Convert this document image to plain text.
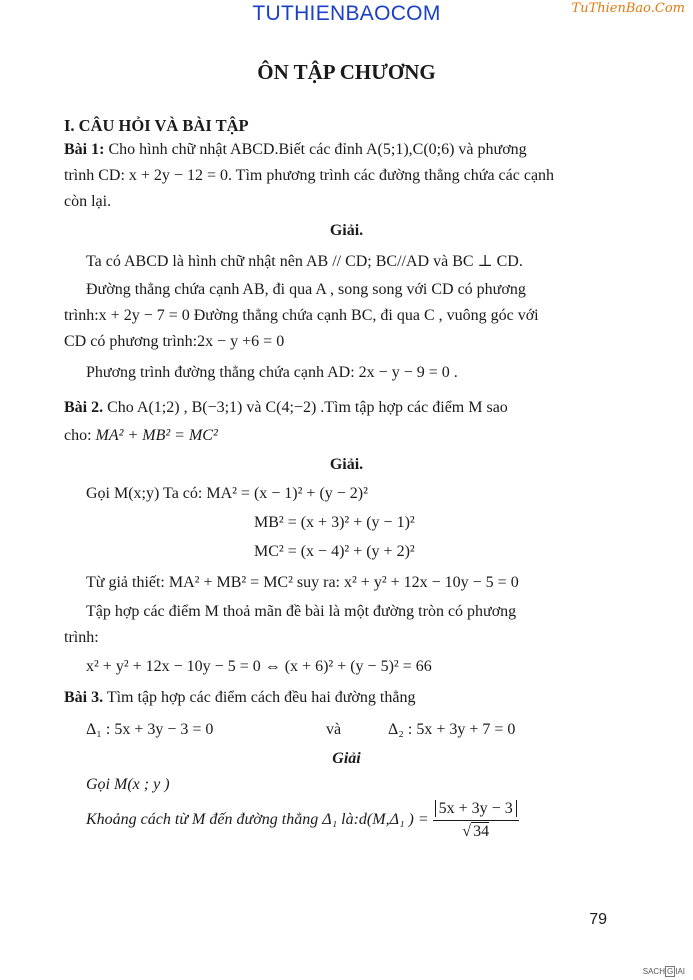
TUTHIENBAOCOM	TuThienBao.Com
ÔN TẬP CHƯƠNG
I. CÂU HỎI VÀ BÀI TẬP
Bài 1: Cho hình chữ nhật ABCD.Biết các đỉnh A(5;1),C(0;6) và phương
trình CD: x + 2y − 12 = 0. Tìm phương trình các đường thẳng chứa các cạnh
còn lại.
Giải.
Ta có ABCD là hình chữ nhật nên AB // CD; BC//AD và BC ⊥ CD.
Đường thẳng chứa cạnh AB, đi qua A , song song với CD có phương
trình:x + 2y − 7 = 0 Đường thẳng chứa cạnh BC, đi qua C , vuông góc với
CD có phương trình:2x − y +6 = 0
Phương trình đường thẳng chứa cạnh AD: 2x − y − 9 = 0 .
Bài 2. Cho A(1;2) , B(−3;1) và C(4;−2) .Tìm tập hợp các điểm M sao
cho: MA² + MB² = MC²
Giải.
Gọi M(x;y) Ta có: MA² = (x − 1)² + (y − 2)²
MB² = (x + 3)² + (y − 1)²
MC² = (x − 4)² + (y + 2)²
Từ giả thiết: MA² + MB² = MC² suy ra: x² + y² + 12x − 10y − 5 = 0
Tập hợp các điểm M thoả mãn đề bài là một đường tròn có phương
trình:
x² + y² + 12x − 10y − 5 = 0 ⇔ (x + 6)² + (y − 5)² = 66
Bài 3. Tìm tập hợp các điểm cách đều hai đường thẳng
Δ₁ : 5x + 3y − 3 = 0	và	Δ₂ : 5x + 3y + 7 = 0
Giải
Gọi M(x ; y )
Khoảng cách từ M đến đường thẳng Δ₁ là:d(M,Δ₁ ) = $\frac{5x + 3y - 3}{√ 34}$
79
SACH G IAI
